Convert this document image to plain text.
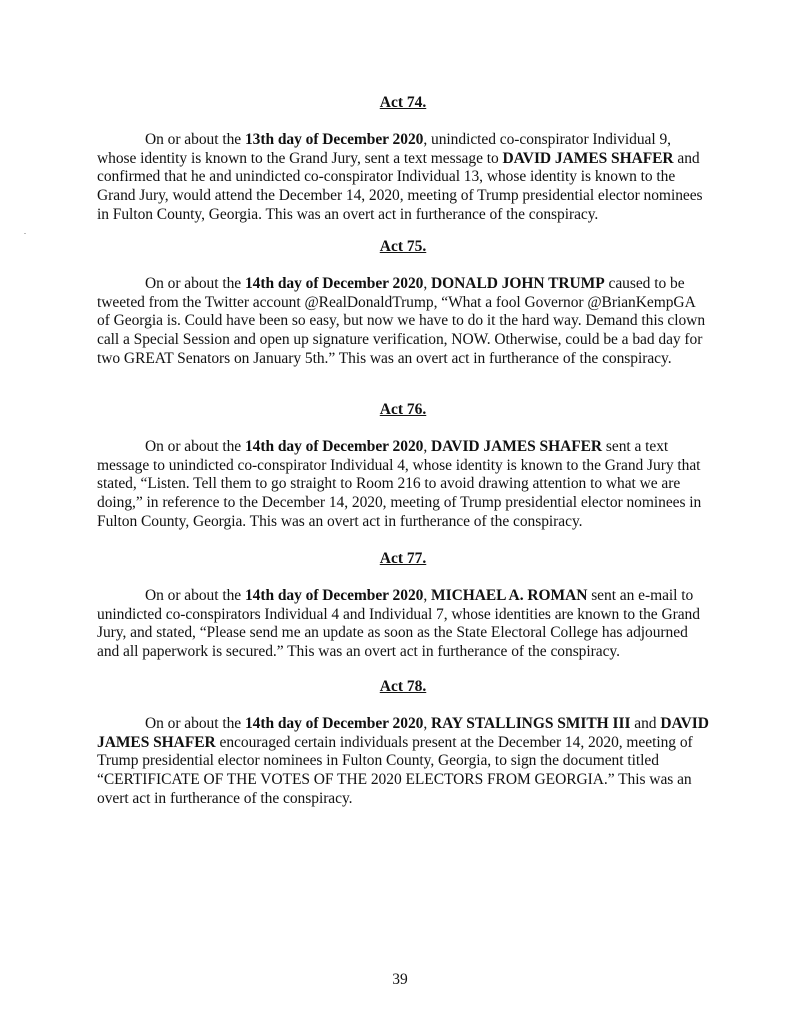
Act 74.

On or about the 13th day of December 2020, unindicted co-conspirator Individual 9, whose identity is known to the Grand Jury, sent a text message to DAVID JAMES SHAFER and confirmed that he and unindicted co-conspirator Individual 13, whose identity is known to the Grand Jury, would attend the December 14, 2020, meeting of Trump presidential elector nominees in Fulton County, Georgia. This was an overt act in furtherance of the conspiracy.

Act 75.

On or about the 14th day of December 2020, DONALD JOHN TRUMP caused to be tweeted from the Twitter account @RealDonaldTrump, “What a fool Governor @BrianKempGA of Georgia is. Could have been so easy, but now we have to do it the hard way. Demand this clown call a Special Session and open up signature verification, NOW. Otherwise, could be a bad day for two GREAT Senators on January 5th.” This was an overt act in furtherance of the conspiracy.

Act 76.

On or about the 14th day of December 2020, DAVID JAMES SHAFER sent a text message to unindicted co-conspirator Individual 4, whose identity is known to the Grand Jury that stated, “Listen. Tell them to go straight to Room 216 to avoid drawing attention to what we are doing,” in reference to the December 14, 2020, meeting of Trump presidential elector nominees in Fulton County, Georgia. This was an overt act in furtherance of the conspiracy.

Act 77.

On or about the 14th day of December 2020, MICHAEL A. ROMAN sent an e-mail to unindicted co-conspirators Individual 4 and Individual 7, whose identities are known to the Grand Jury, and stated, “Please send me an update as soon as the State Electoral College has adjourned and all paperwork is secured.” This was an overt act in furtherance of the conspiracy.

Act 78.

On or about the 14th day of December 2020, RAY STALLINGS SMITH III and DAVID JAMES SHAFER encouraged certain individuals present at the December 14, 2020, meeting of Trump presidential elector nominees in Fulton County, Georgia, to sign the document titled “CERTIFICATE OF THE VOTES OF THE 2020 ELECTORS FROM GEORGIA.” This was an overt act in furtherance of the conspiracy.

39
